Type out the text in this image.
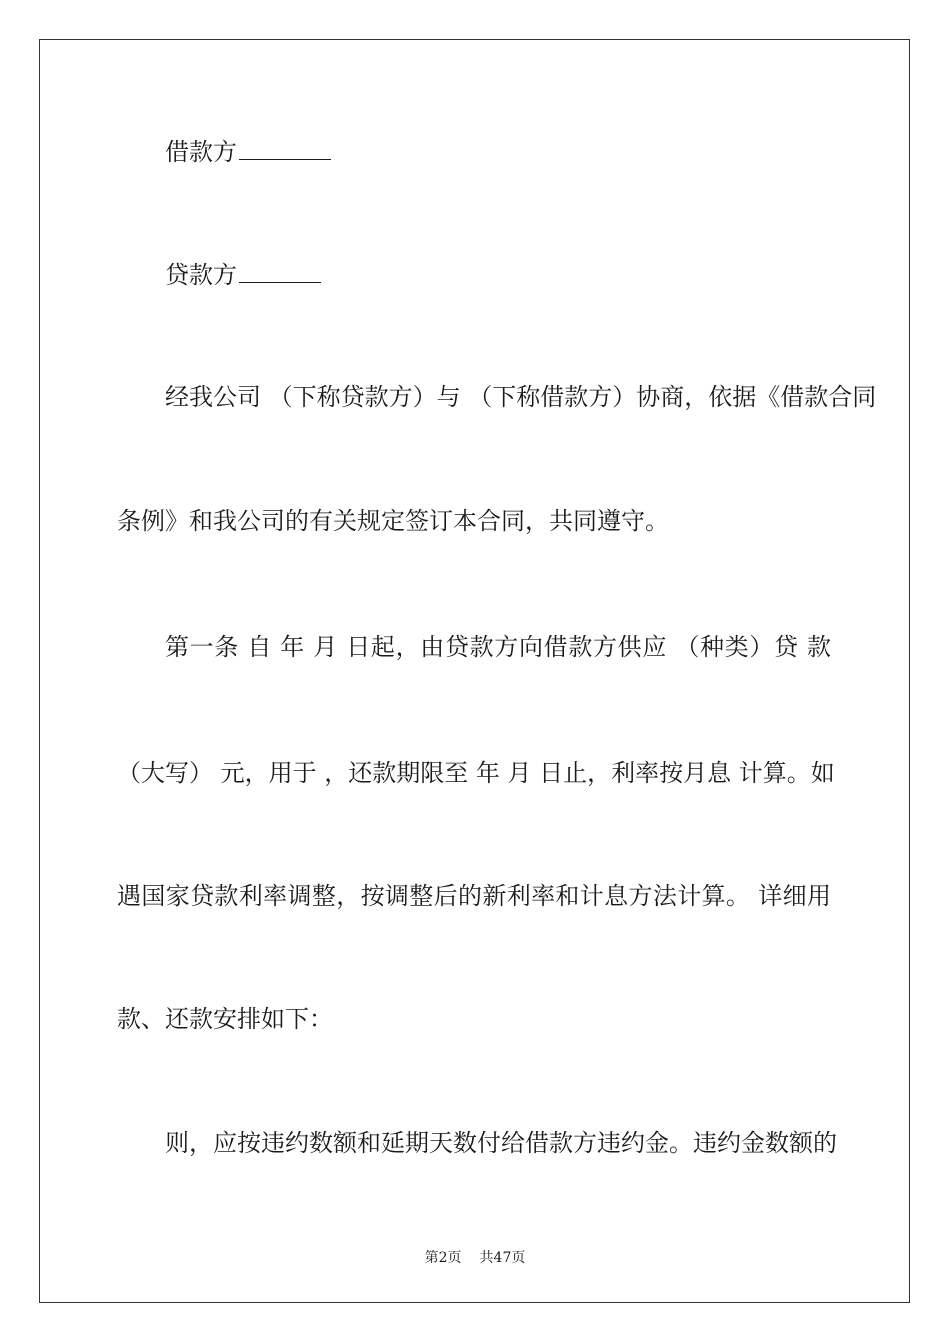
借款方
贷款方
经我公司 （下称贷款方）与 （下称借款方）协商，依据《借款合同
条例》和我公司的有关规定签订本合同，共同遵守。
第一条 自 年 月 日起，由贷款方向借款方供应 （种类）贷 款
（大写） 元，用于 ，还款期限至 年 月 日止，利率按月息 计算。如
遇国家贷款利率调整，按调整后的新利率和计息方法计算。 详细用
款、还款安排如下：
则，应按违约数额和延期天数付给借款方违约金。违约金数额的
第2页 共47页
